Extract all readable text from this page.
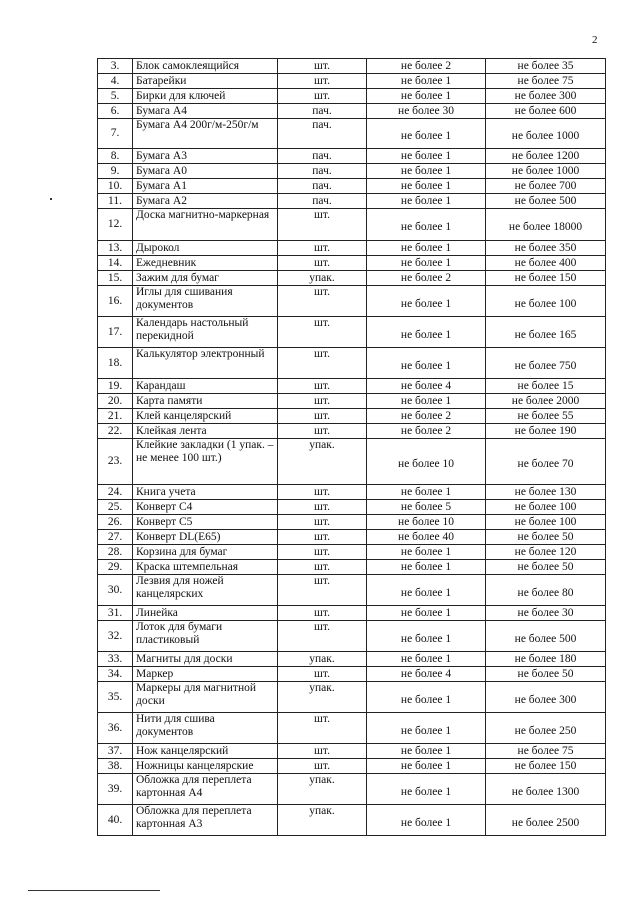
2
3.	Блок самоклеящийся	шт.	не более 2	не более 35
4.	Батарейки	шт.	не более 1	не более 75
5.	Бирки для ключей	шт.	не более 1	не более 300
6.	Бумага А4	пач.	не более 30	не более 600
7.	Бумага А4 200г/м-250г/м	пач.	не более 1	не более 1000
8.	Бумага А3	пач.	не более 1	не более 1200
9.	Бумага А0	пач.	не более 1	не более 1000
10.	Бумага А1	пач.	не более 1	не более 700
11.	Бумага А2	пач.	не более 1	не более 500
12.	Доска магнитно-маркерная	шт.	не более 1	не более 18000
13.	Дырокол	шт.	не более 1	не более 350
14.	Ежедневник	шт.	не более 1	не более 400
15.	Зажим для бумаг	упак.	не более 2	не более 150
16.	Иглы для сшивания документов	шт.	не более 1	не более 100
17.	Календарь настольный перекидной	шт.	не более 1	не более 165
18.	Калькулятор электронный	шт.	не более 1	не более 750
19.	Карандаш	шт.	не более 4	не более 15
20.	Карта памяти	шт.	не более 1	не более 2000
21.	Клей канцелярский	шт.	не более 2	не более 55
22.	Клейкая лента	шт.	не более 2	не более 190
23.	Клейкие закладки (1 упак. – не менее 100 шт.)	упак.	не более 10	не более 70
24.	Книга учета	шт.	не более 1	не более 130
25.	Конверт С4	шт.	не более 5	не более 100
26.	Конверт С5	шт.	не более 10	не более 100
27.	Конверт DL(Е65)	шт.	не более 40	не более 50
28.	Корзина для бумаг	шт.	не более 1	не более 120
29.	Краска штемпельная	шт.	не более 1	не более 50
30.	Лезвия для ножей канцелярских	шт.	не более 1	не более 80
31.	Линейка	шт.	не более 1	не более 30
32.	Лоток для бумаги пластиковый	шт.	не более 1	не более 500
33.	Магниты для доски	упак.	не более 1	не более 180
34.	Маркер	шт.	не более 4	не более 50
35.	Маркеры для магнитной доски	упак.	не более 1	не более 300
36.	Нити для сшива документов	шт.	не более 1	не более 250
37.	Нож канцелярский	шт.	не более 1	не более 75
38.	Ножницы канцелярские	шт.	не более 1	не более 150
39.	Обложка для переплета картонная А4	упак.	не более 1	не более 1300
40.	Обложка для переплета картонная А3	упак.	не более 1	не более 2500
